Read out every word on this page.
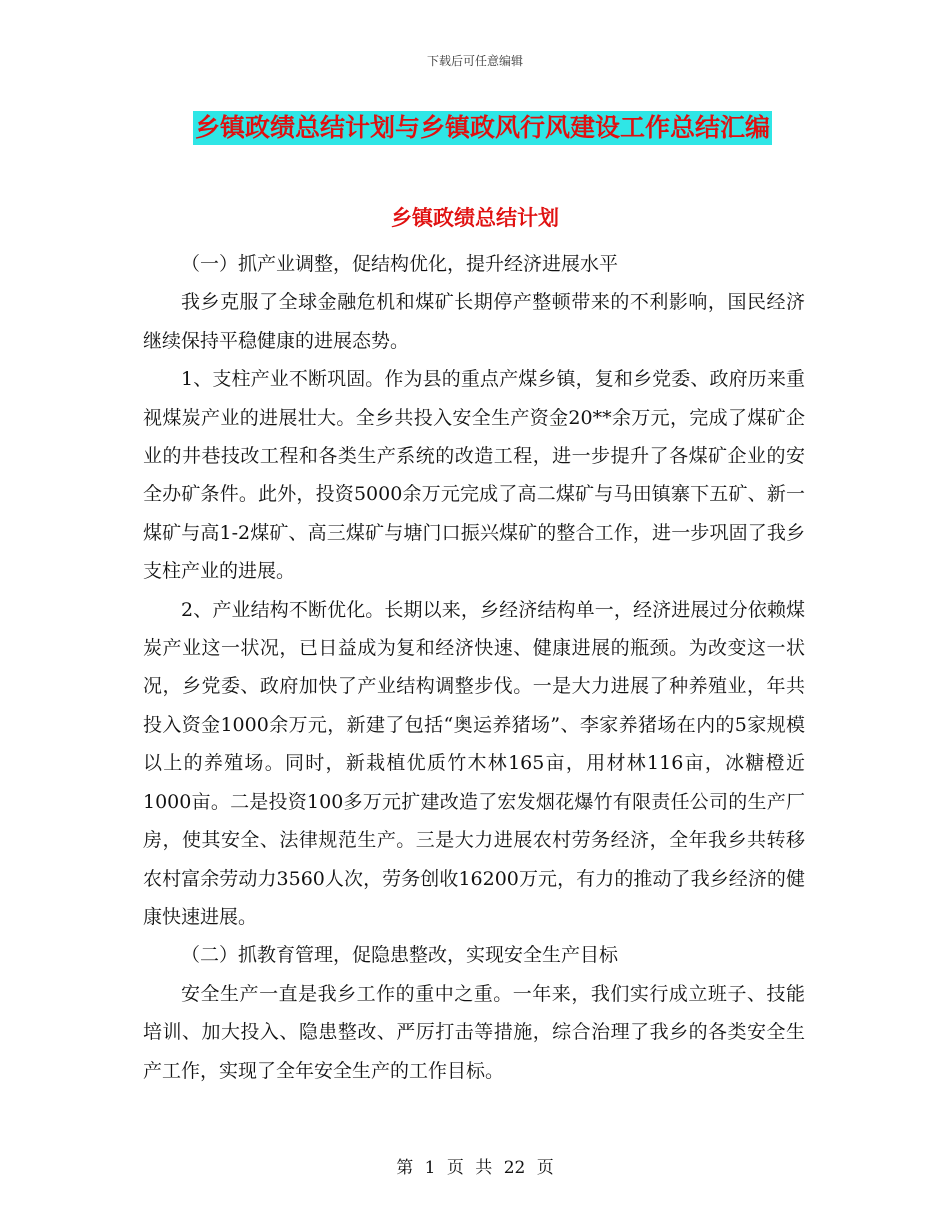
下载后可任意编辑
乡镇政绩总结计划与乡镇政风行风建设工作总结汇编
乡镇政绩总结计划

（一）抓产业调整，促结构优化，提升经济进展水平

我乡克服了全球金融危机和煤矿长期停产整顿带来的不利影响，国民经济继续保持平稳健康的进展态势。

1、支柱产业不断巩固。作为县的重点产煤乡镇，复和乡党委、政府历来重视煤炭产业的进展壮大。全乡共投入安全生产资金20**余万元，完成了煤矿企业的井巷技改工程和各类生产系统的改造工程，进一步提升了各煤矿企业的安全办矿条件。此外，投资5000余万元完成了高二煤矿与马田镇寨下五矿、新一煤矿与高1-2煤矿、高三煤矿与塘门口振兴煤矿的整合工作，进一步巩固了我乡支柱产业的进展。

2、产业结构不断优化。长期以来，乡经济结构单一，经济进展过分依赖煤炭产业这一状况，已日益成为复和经济快速、健康进展的瓶颈。为改变这一状况，乡党委、政府加快了产业结构调整步伐。一是大力进展了种养殖业，年共投入资金1000余万元，新建了包括“奥运养猪场”、李家养猪场在内的5家规模以上的养殖场。同时，新栽植优质竹木林165亩，用材林116亩，冰糖橙近1000亩。二是投资100多万元扩建改造了宏发烟花爆竹有限责任公司的生产厂房，使其安全、法律规范生产。三是大力进展农村劳务经济，全年我乡共转移农村富余劳动力3560人次，劳务创收16200万元，有力的推动了我乡经济的健康快速进展。

（二）抓教育管理，促隐患整改，实现安全生产目标

安全生产一直是我乡工作的重中之重。一年来，我们实行成立班子、技能培训、加大投入、隐患整改、严厉打击等措施，综合治理了我乡的各类安全生产工作，实现了全年安全生产的工作目标。

第 1 页 共 22 页
